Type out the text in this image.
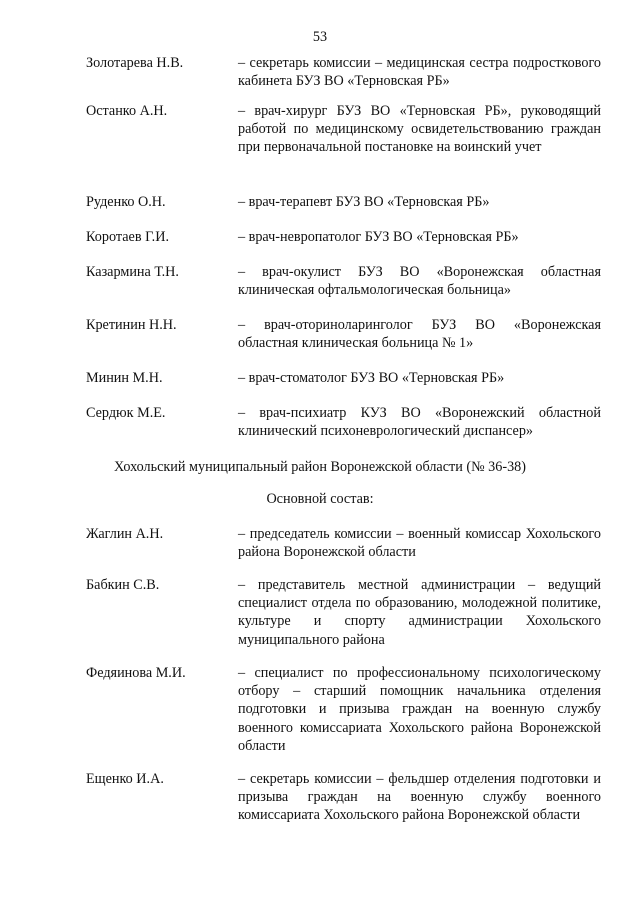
53
Золотарева Н.В.	– секретарь комиссии – медицинская сестра подросткового кабинета БУЗ ВО «Терновская РБ»
Останко А.Н.	– врач-хирург БУЗ ВО «Терновская РБ», руководящий работой по медицинскому освидетельствованию граждан при первоначальной постановке на воинский учет
Руденко О.Н.	– врач-терапевт БУЗ ВО «Терновская РБ»
Коротаев Г.И.	– врач-невропатолог БУЗ ВО «Терновская РБ»
Казармина Т.Н.	– врач-окулист БУЗ ВО «Воронежская областная клиническая офтальмологическая больница»
Кретинин Н.Н.	– врач-оториноларинголог БУЗ ВО «Воронежская областная клиническая больница № 1»
Минин М.Н.	– врач-стоматолог БУЗ ВО «Терновская РБ»
Сердюк М.Е.	– врач-психиатр КУЗ ВО «Воронежский областной клинический психоневрологический диспансер»
Хохольский муниципальный район Воронежской области (№ 36-38)
Основной состав:
Жаглин А.Н.	– председатель комиссии – военный комиссар Хохольского района Воронежской области
Бабкин С.В.	– представитель местной администрации – ведущий специалист отдела по образованию, молодежной политике, культуре и спорту администрации Хохольского муниципального района
Федяинова М.И.	– специалист по профессиональному психологическому отбору – старший помощник начальника отделения подготовки и призыва граждан на военную службу военного комиссариата Хохольского района Воронежской области
Ещенко И.А.	– секретарь комиссии – фельдшер отделения подготовки и призыва граждан на военную службу военного комиссариата Хохольского района Воронежской области
